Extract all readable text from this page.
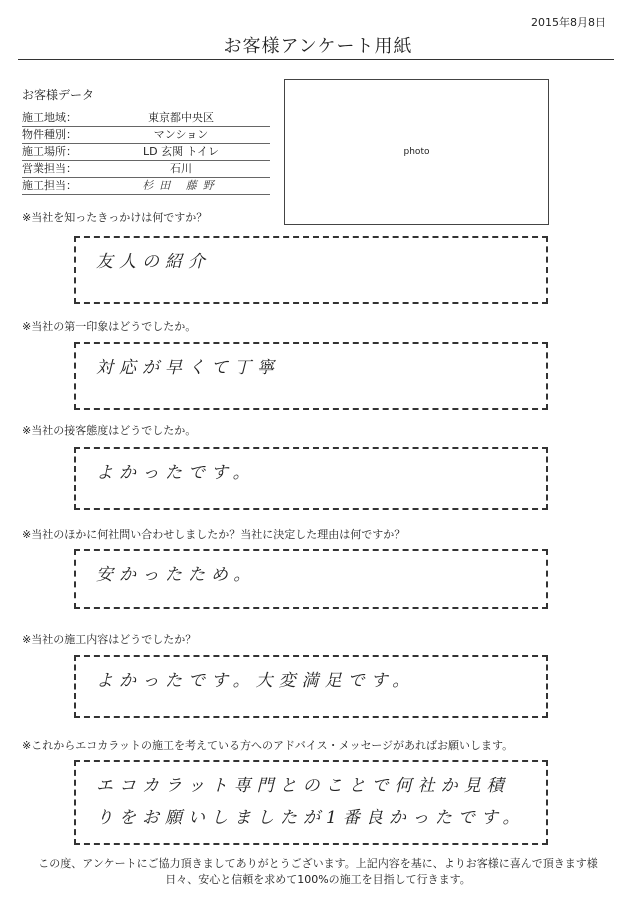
2015年8月8日
お客様アンケート用紙
お客様データ
施工地域：	東京都中央区
物件種別：	マンション
施工場所：	LD 玄関 トイレ
営業担当：	石川
施工担当：	杉田 藤野
photo
※当社を知ったきっかけは何ですか？
友人の紹介
※当社の第一印象はどうでしたか。
対応が早くて丁寧
※当社の接客態度はどうでしたか。
よかったです。
※当社のほかに何社問い合わせしましたか？当社に決定した理由は何ですか？
安かったため。
※当社の施工内容はどうでしたか？
よかったです。大変満足です。
※これからエコカラットの施工を考えている方へのアドバイス・メッセージがあればお願いします。
エコカラット専門とのことで何社か見積りをお願いしましたが1番良かったです。
この度、アンケートにご協力頂きましてありがとうございます。上記内容を基に、よりお客様に喜んで頂きます様
日々、安心と信頼を求めて100%の施工を目指して行きます。
